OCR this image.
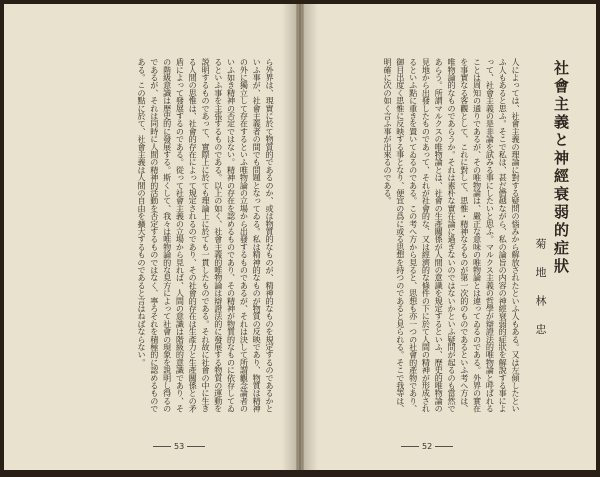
社會主義と神經衰弱的症狀
菊 地 林 忠
人によっては、社會主義の理論に對する疑問の惱みから解放されたといふ人もある。又は左傾したといふ人もあると思ふ。そこで私は、甚だ僭越ながら、私の論旨の内容の神經衰弱的症狀を解說する事によって、社會主義の是非論を試みる事にしたいと思ふ。マルクス主義の哲學が辯證法的唯物論と呼ばれることは周知の通りであるが、その唯物論は、嚴正な意味の唯物論とは違ってゐるのである。外界の實在を事實なる客觀として、これに對して、思惟・精神なるものが第一次的のものであるといふ考へ方は、唯物論的なものであらうか。それは素朴な實在論に過ぎないのではないかといふ疑問が起るのも當然であらう。所謂マルクスの唯物論とは、社會の生產關係が人間の意識を規定するといふ、歷史的唯物論の見地から出發したものであって、それが社會的な、又は經濟的な條件の下に於て人間の精神が形成されるといふ點に重きを置いてゐるのである。この考へ方から見ると、思想も亦一つの社會的產物であり、御目出度く思惟に反映する事となり、便宜の爲に或る思想を持つのであると見られる。そこで我等は、明確に次の如く言ふ事が出來るのである。
ら外界は、現實に於て物質的であるのか、或は物質的なものが、精神的なものを規定するのであるかといふ事が、社會主義者の間でも問題となってゐる。私は精神的なものが物質の反映であり、物質は精神の外に獨立して存在するといふ唯物論の立場から出發するものであるが、それは決して所謂觀念論者のいふ如き精神の否定ではない。精神の存在を認めるものであり、その精神が物質的なものに依存してゐるといふ事を主張するものである。以上の如く、社會主義的唯物論は辯證法的に發展する物質の運動を説明するものであって、實際上に於ても理論上に於ても一貫したものである。それ故に社會の中に生きる人間の思惟は、社會的存在によって規定されるのであり、その社會的存在は生產力と生產關係との矛盾によって發展するのである。從って社會主義の立場から見れば、人間の意識は階級的意識であり、その階級意識は歷史的に發展する。斯くして、我々は唯物論的な見方によって社會の現象を説明し得るのであるが、それは同時に人間の精神的活動を否定するものではなく、寧ろそれを積極的に認めるものである。この點に於て、社會主義は人間の自由を擴大するものであると言はねばならない。
53	52
